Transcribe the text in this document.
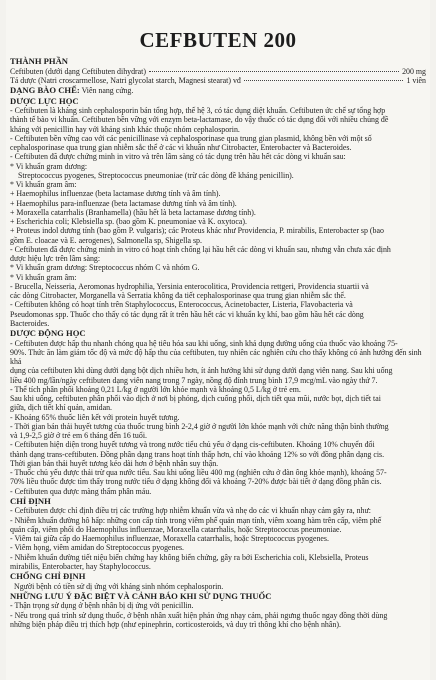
CEFBUTEN 200

THÀNH PHẦN

Ceftibuten (dưới dạng Ceftibuten dihydrat)	200 mg
Tá dược (Natri croscarmellose, Natri glycolat starch, Magnesi stearat) vđ	1 viên

DẠNG BÀO CHẾ: Viên nang cứng.

DƯỢC LỰC HỌC

- Ceftibuten là kháng sinh cephalosporin bán tổng hợp, thế hệ 3, có tác dụng diệt khuẩn. Ceftibuten ức chế sự tổng hợp

thành tế bào vi khuẩn. Ceftibuten bền vững với enzym beta-lactamase, do vậy thuốc có tác dụng đối với nhiều chủng đề

kháng với penicillin hay với kháng sinh khác thuộc nhóm cephalosporin.

- Ceftibuten bền vững cao với các penicillinase và cephalosporinase qua trung gian plasmid, không bền với một số

cephalosporinase qua trung gian nhiễm sắc thể ở các vi khuẩn như Citrobacter, Enterobacter và Bacteroides.

- Ceftibuten đã được chứng minh in vitro và trên lâm sàng có tác dụng trên hầu hết các dòng vi khuẩn sau:

* Vi khuẩn gram dương:

Streptococcus pyogenes, Streptococcus pneumoniae (trừ các dòng đề kháng penicillin).

* Vi khuẩn gram âm:

+ Haemophilus influenzae (beta lactamase dương tính và âm tính).

+ Haemophilus para-influenzae (beta lactamase dương tính và âm tính).

+ Moraxella catarrhalis (Branhamella) (hầu hết là beta lactamase dương tính).

+ Escherichia coli; Klebsiella sp. (bao gồm K. pneumoniae và K. oxytoca).

+ Proteus indol dương tính (bao gồm P. vulgaris); các Proteus khác như Providencia, P. mirabilis, Enterobacter sp (bao

gồm E. cloacae và E. aerogenes), Salmonella sp, Shigella sp.

- Ceftibuten đã được chứng minh in vitro có hoạt tính chống lại hầu hết các dòng vi khuẩn sau, nhưng vẫn chưa xác định

được hiệu lực trên lâm sàng:

* Vi khuẩn gram dương: Streptococcus nhóm C và nhóm G.

* Vi khuẩn gram âm:

- Brucella, Neisseria, Aeromonas hydrophilia, Yersinia enterocolitica, Providencia rettgeri, Providencia stuartii và

các dòng Citrobacter, Morganella và Serratia không đa tiết cephalosporinase qua trung gian nhiễm sắc thể.

- Ceftibuten không có hoạt tính trên Staphylococcus, Enterococcus, Acinetobacter, Listeria, Flavobacteria và

Pseudomonas spp. Thuốc cho thấy có tác dụng rất ít trên hầu hết các vi khuẩn kỵ khí, bao gồm hầu hết các dòng

Bacteroides.

DƯỢC ĐỘNG HỌC

- Ceftibuten được hấp thu nhanh chóng qua hệ tiêu hóa sau khi uống, sinh khả dụng đường uống của thuốc vào khoảng 75-

90%. Thức ăn làm giảm tốc độ và mức độ hấp thu của ceftibuten, tuy nhiên các nghiên cứu cho thấy không có ảnh hưởng đến sinh khả

dụng của ceftibuten khi dùng dưới dạng bột dịch nhiều hơn, ít ảnh hưởng khi sử dụng dưới dạng viên nang. Sau khi uống

liều 400 mg/lần/ngày ceftibuten dạng viên nang trong 7 ngày, nồng độ đỉnh trung bình 17,9 mcg/mL vào ngày thứ 7.

- Thể tích phân phối khoảng 0,21 L/kg ở người lớn khỏe mạnh và khoảng 0,5 L/kg ở trẻ em.

Sau khi uống, ceftibuten phân phối vào dịch ở nơi bị phỏng, dịch cuống phổi, dịch tiết qua mũi, nước bọt, dịch tiết tai

giữa, dịch tiết khí quản, amidan.

- Khoảng 65% thuốc liên kết với protein huyết tương.

- Thời gian bán thải huyết tương của thuốc trung bình 2-2,4 giờ ở người lớn khỏe mạnh với chức năng thận bình thường

và 1,9-2,5 giờ ở trẻ em 6 tháng đến 16 tuổi.

- Ceftibuten hiện diện trong huyết tương và trong nước tiểu chủ yếu ở dạng cis-ceftibuten. Khoảng 10% chuyển đổi

thành dạng trans-ceftibuten. Đồng phân dạng trans hoạt tính thấp hơn, chỉ vào khoảng 12% so với đồng phân dạng cis.

Thời gian bán thải huyết tương kéo dài hơn ở bệnh nhân suy thận.

- Thuốc chủ yếu được thải trừ qua nước tiểu. Sau khi uống liều 400 mg (nghiên cứu ở đàn ông khỏe mạnh), khoảng 57-

70% liều thuốc được tìm thấy trong nước tiểu ở dạng không đổi và khoảng 7-20% được bài tiết ở dạng đồng phân cis.

- Ceftibuten qua được màng thẩm phân máu.

CHỈ ĐỊNH

- Ceftibuten được chỉ định điều trị các trường hợp nhiễm khuẩn vừa và nhẹ do các vi khuẩn nhạy cảm gây ra, như:

- Nhiễm khuẩn đường hô hấp: những con cấp tính trong viêm phế quản mạn tính, viêm xoang hàm trên cấp, viêm phế

quản cấp, viêm phổi do Haemophilus influenzae, Moraxella catarrhalis, hoặc Streptococcus pneumoniae.

- Viêm tai giữa cấp do Haemophilus influenzae, Moraxella catarrhalis, hoặc Streptococcus pyogenes.

- Viêm họng, viêm amidan do Streptococcus pyogenes.

- Nhiễm khuẩn đường tiết niệu biến chứng hay không biến chứng, gây ra bởi Escherichia coli, Klebsiella, Proteus

mirabilis, Enterobacter, hay Staphylococcus.

CHỐNG CHỈ ĐỊNH

Người bệnh có tiền sử dị ứng với kháng sinh nhóm cephalosporin.

NHỮNG LƯU Ý ĐẶC BIỆT VÀ CẢNH BÁO KHI SỬ DỤNG THUỐC

- Thận trọng sử dụng ở bệnh nhân bị dị ứng với penicillin.

- Nếu trong quá trình sử dụng thuốc, ở bệnh nhân xuất hiện phản ứng nhạy cảm, phải ngưng thuốc ngay đồng thời dùng

những biện pháp điều trị thích hợp (như epinephrin, corticosteroids, và duy trì thông khí cho bệnh nhân).
